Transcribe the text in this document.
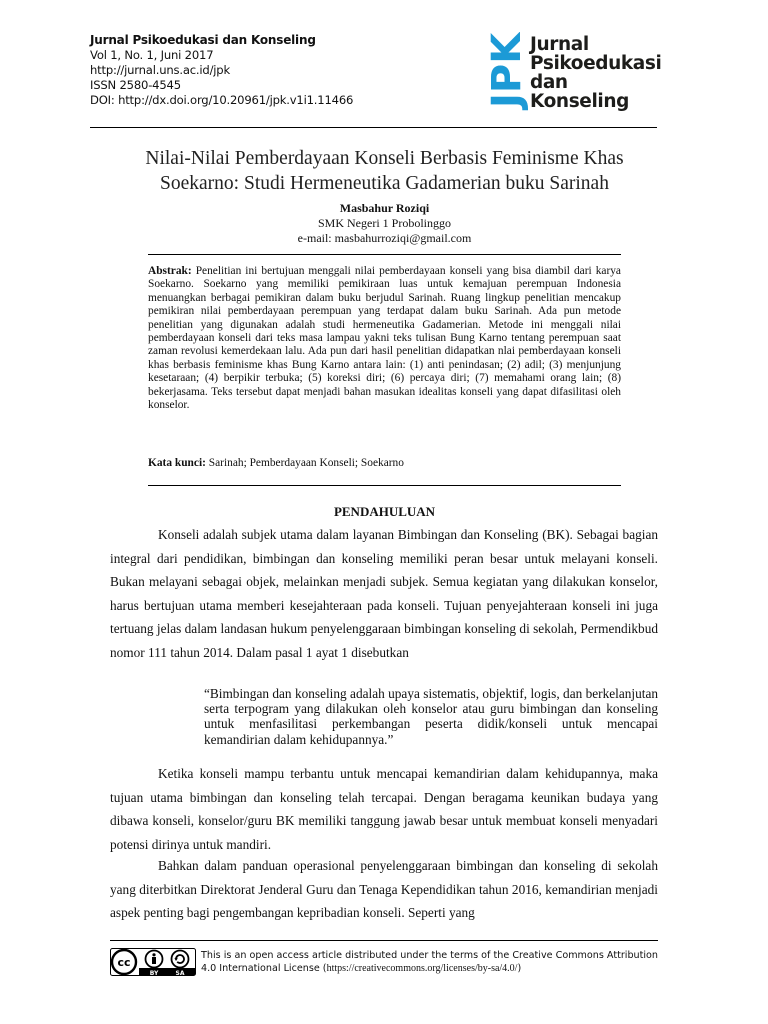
Jurnal Psikoedukasi dan Konseling
Vol 1, No. 1, Juni 2017
http://jurnal.uns.ac.id/jpk
ISSN 2580-4545
DOI: http://dx.doi.org/10.20961/jpk.v1i1.11466	JPK Jurnal
Psikoedukasi
dan
Konseling
Nilai-Nilai Pemberdayaan Konseli Berbasis Feminisme Khas
Soekarno: Studi Hermeneutika Gadamerian buku Sarinah
Masbahur Roziqi
SMK Negeri 1 Probolinggo
e-mail: masbahurroziqi@gmail.com
Abstrak: Penelitian ini bertujuan menggali nilai pemberdayaan konseli yang bisa diambil dari karya Soekarno. Soekarno yang memiliki pemikiraan luas untuk kemajuan perempuan Indonesia menuangkan berbagai pemikiran dalam buku berjudul Sarinah. Ruang lingkup penelitian mencakup pemikiran nilai pemberdayaan perempuan yang terdapat dalam buku Sarinah. Ada pun metode penelitian yang digunakan adalah studi hermeneutika Gadamerian. Metode ini menggali nilai pemberdayaan konseli dari teks masa lampau yakni teks tulisan Bung Karno tentang perempuan saat zaman revolusi kemerdekaan lalu. Ada pun dari hasil penelitian didapatkan nlai pemberdayaan konseli khas berbasis feminisme khas Bung Karno antara lain: (1) anti penindasan; (2) adil; (3) menjunjung kesetaraan; (4) berpikir terbuka; (5) koreksi diri; (6) percaya diri; (7) memahami orang lain; (8) bekerjasama. Teks tersebut dapat menjadi bahan masukan idealitas konseli yang dapat difasilitasi oleh konselor.
Kata kunci: Sarinah; Pemberdayaan Konseli; Soekarno
PENDAHULUAN

Konseli adalah subjek utama dalam layanan Bimbingan dan Konseling (BK). Sebagai bagian integral dari pendidikan, bimbingan dan konseling memiliki peran besar untuk melayani konseli. Bukan melayani sebagai objek, melainkan menjadi subjek. Semua kegiatan yang dilakukan konselor, harus bertujuan utama memberi kesejahteraan pada konseli. Tujuan penyejahteraan konseli ini juga tertuang jelas dalam landasan hukum penyelenggaraan bimbingan konseling di sekolah, Permendikbud nomor 111 tahun 2014. Dalam pasal 1 ayat 1 disebutkan

“Bimbingan dan konseling adalah upaya sistematis, objektif, logis, dan berkelanjutan serta terpogram yang dilakukan oleh konselor atau guru bimbingan dan konseling untuk menfasilitasi perkembangan peserta didik/konseli untuk mencapai kemandirian dalam kehidupannya.”

Ketika konseli mampu terbantu untuk mencapai kemandirian dalam kehidupannya, maka tujuan utama bimbingan dan konseling telah tercapai. Dengan beragama keunikan budaya yang dibawa konseli, konselor/guru BK memiliki tanggung jawab besar untuk membuat konseli menyadari potensi dirinya untuk mandiri.

Bahkan dalam panduan operasional penyelenggaraan bimbingan dan konseling di sekolah yang diterbitkan Direktorat Jenderal Guru dan Tenaga Kependidikan tahun 2016, kemandirian menjadi aspek penting bagi pengembangan kepribadian konseli. Seperti yang

cc
BY	SA
This is an open access article distributed under the terms of the Creative Commons Attribution 4.0 International License (https://creativecommons.org/licenses/by-sa/4.0/)
